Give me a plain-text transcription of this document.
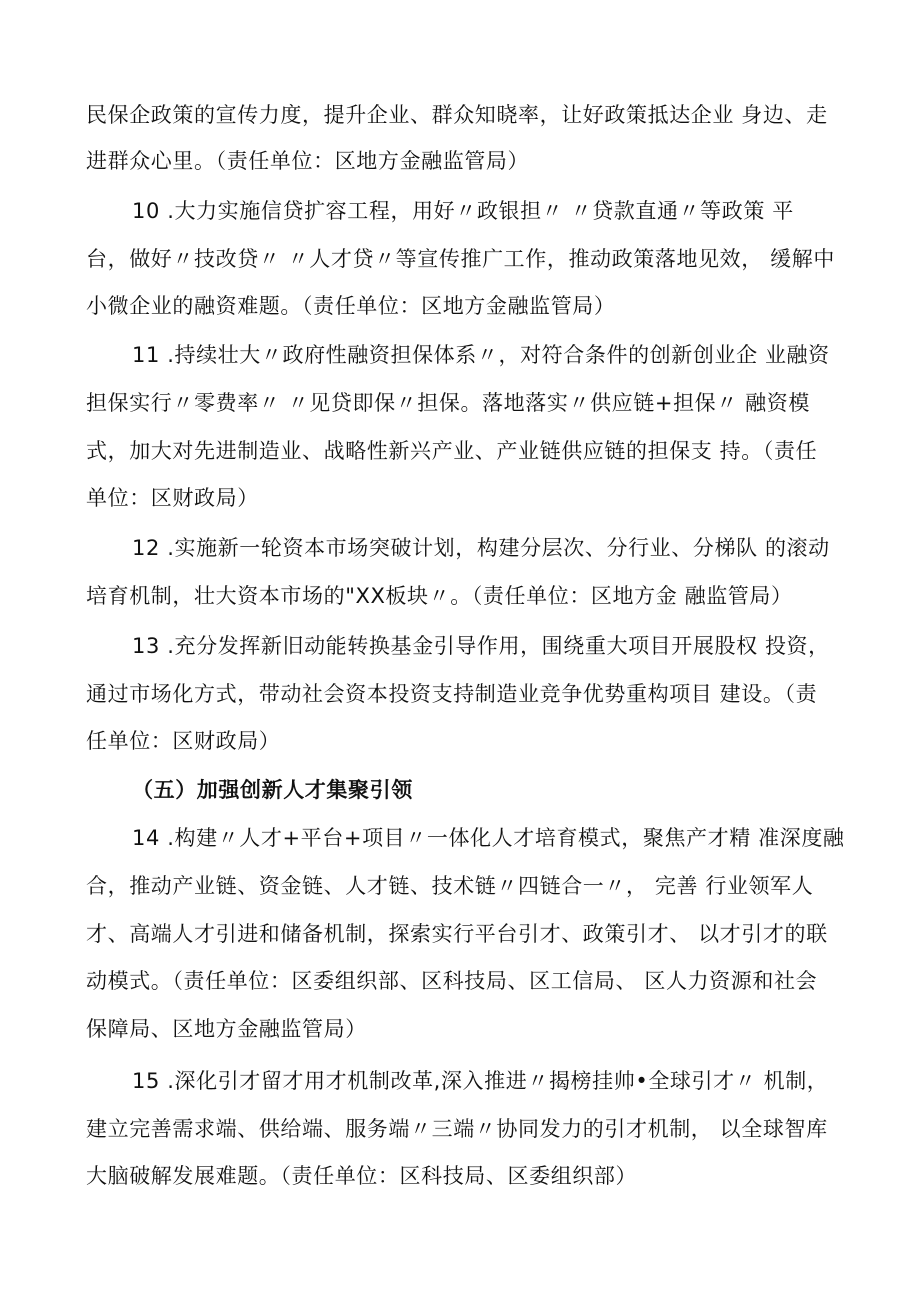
民保企政策的宣传力度，提升企业、群众知晓率，让好政策抵达企业 身边、走
进群众心里。（责任单位：区地方金融监管局）
10 .大力实施信贷扩容工程，用好〃政银担〃 〃贷款直通〃等政策 平
台，做好〃技改贷〃 〃人才贷〃等宣传推广工作，推动政策落地见效， 缓解中
小微企业的融资难题。（责任单位：区地方金融监管局）
11 .持续壮大〃政府性融资担保体系〃，对符合条件的创新创业企 业融资
担保实行〃零费率〃 〃见贷即保〃担保。落地落实〃供应链+担保〃 融资模
式，加大对先进制造业、战略性新兴产业、产业链供应链的担保支 持。（责任
单位：区财政局）
12 .实施新一轮资本市场突破计划，构建分层次、分行业、分梯队 的滚动
培育机制，壮大资本市场的"XX板块〃。（责任单位：区地方金 融监管局）
13 .充分发挥新旧动能转换基金引导作用，围绕重大项目开展股权 投资，
通过市场化方式，带动社会资本投资支持制造业竞争优势重构项目 建设。（责
任单位：区财政局）
（五）加强创新人才集聚引领
14 .构建〃人才+平台+项目〃一体化人才培育模式，聚焦产才精 准深度融
合，推动产业链、资金链、人才链、技术链〃四链合一〃， 完善 行业领军人
才、高端人才引进和储备机制，探索实行平台引才、政策引才、 以才引才的联
动模式。（责任单位：区委组织部、区科技局、区工信局、 区人力资源和社会
保障局、区地方金融监管局）
15 .深化引才留才用才机制改革,深入推进〃揭榜挂帅•全球引才〃 机制，
建立完善需求端、供给端、服务端〃三端〃协同发力的引才机制， 以全球智库
大脑破解发展难题。（责任单位：区科技局、区委组织部）
